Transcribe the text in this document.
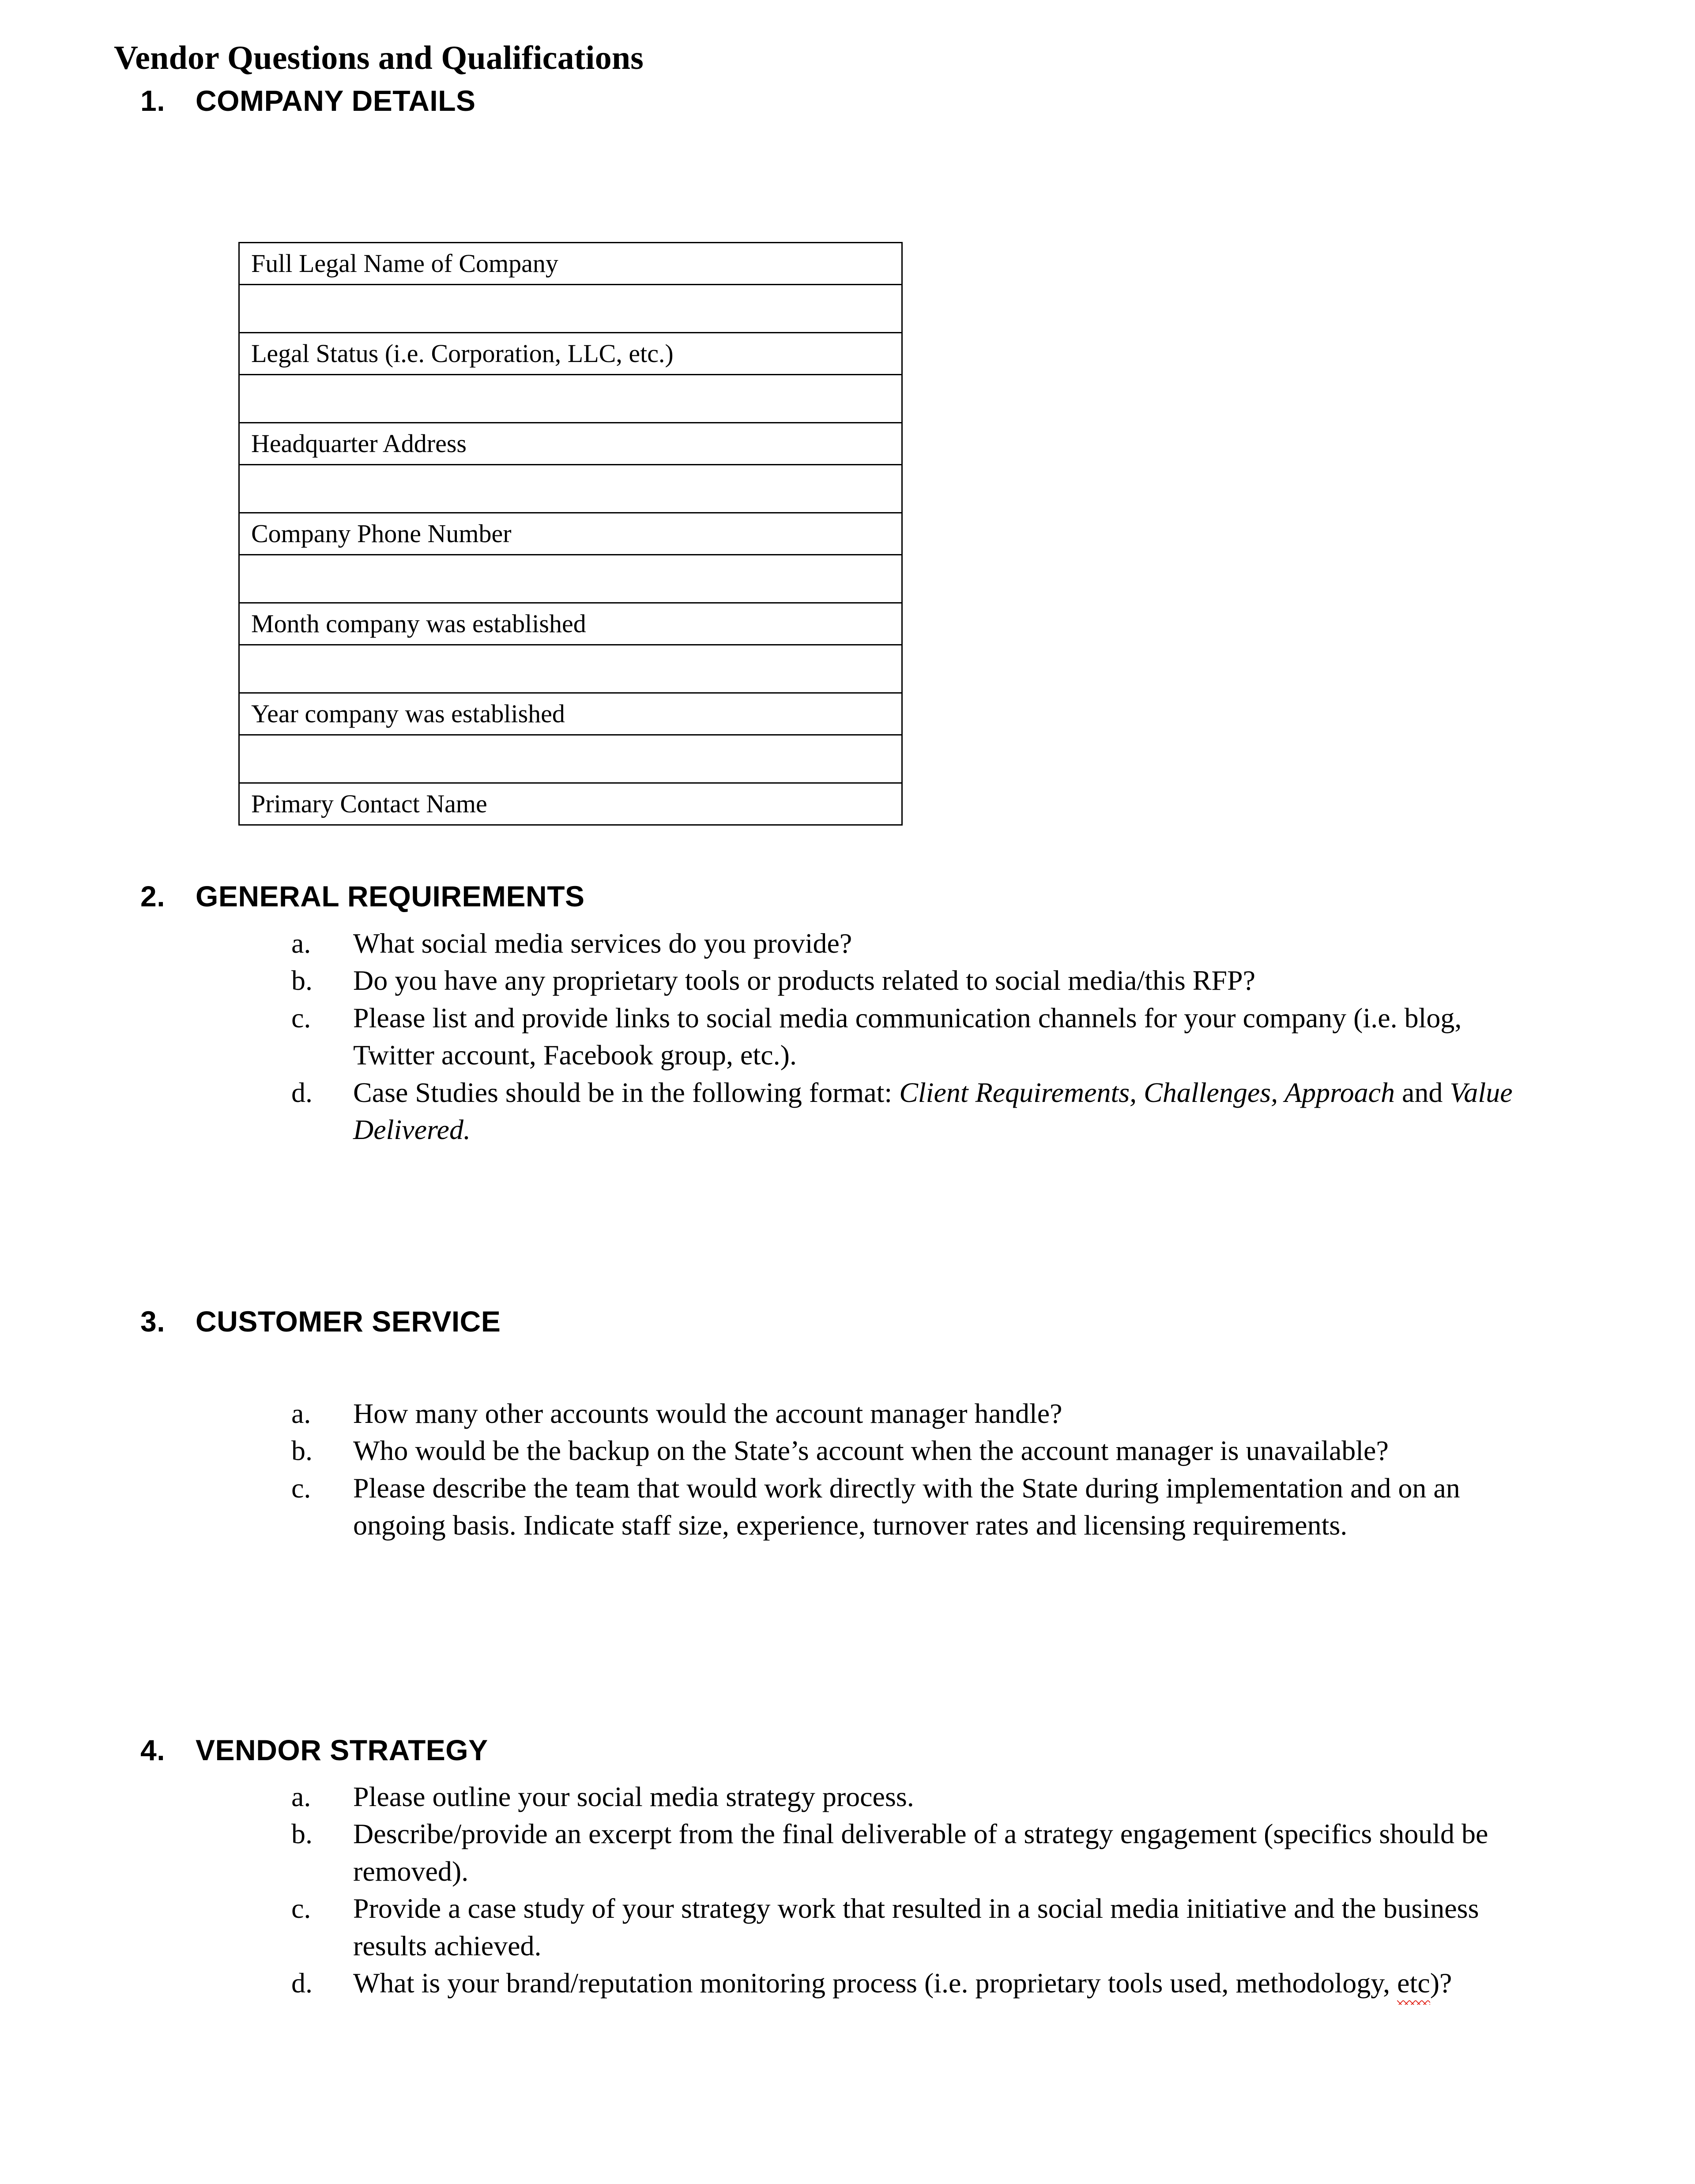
Vendor Questions and Qualifications
1.	COMPANY DETAILS
Full Legal Name of Company

Legal Status (i.e. Corporation, LLC, etc.)

Headquarter Address

Company Phone Number

Month company was established

Year company was established

Primary Contact Name
2.	GENERAL REQUIREMENTS
a.	What social media services do you provide?
b.	Do you have any proprietary tools or products related to social media/this RFP?
c.	Please list and provide links to social media communication channels for your company (i.e. blog, Twitter account, Facebook group, etc.).
d.	Case Studies should be in the following format: Client Requirements, Challenges, Approach and Value Delivered.
3.	CUSTOMER SERVICE
a.	How many other accounts would the account manager handle?
b.	Who would be the backup on the State’s account when the account manager is unavailable?
c.	Please describe the team that would work directly with the State during implementation and on an ongoing basis. Indicate staff size, experience, turnover rates and licensing requirements.
4.	VENDOR STRATEGY
a.	Please outline your social media strategy process.
b.	Describe/provide an excerpt from the final deliverable of a strategy engagement (specifics should be removed).
c.	Provide a case study of your strategy work that resulted in a social media initiative and the business results achieved.
d.	What is your brand/reputation monitoring process (i.e. proprietary tools used, methodology, etc)?
